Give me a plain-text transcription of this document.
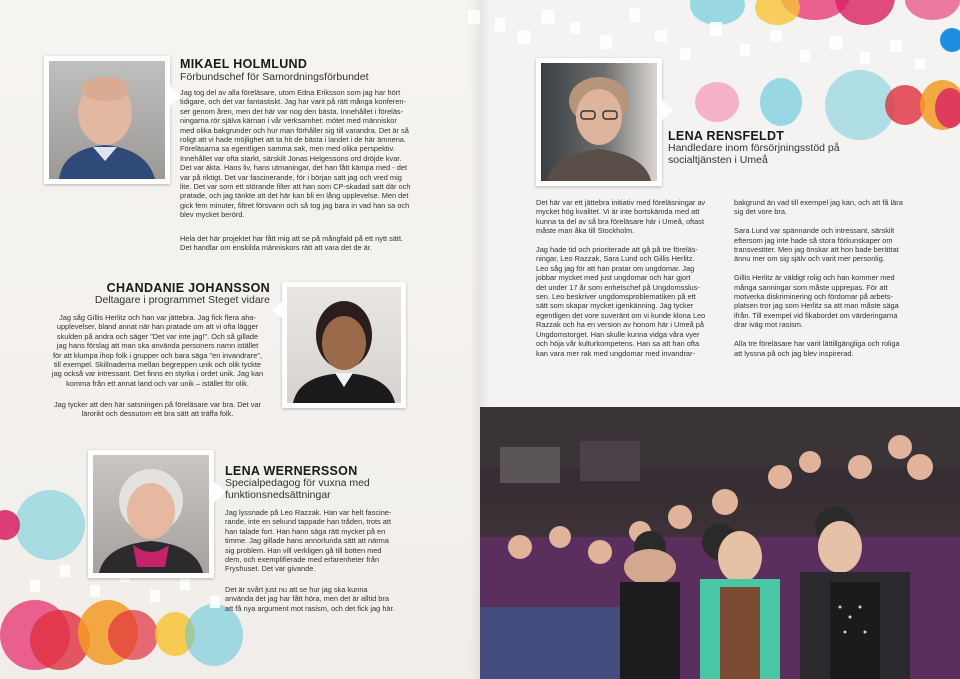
MIKAEL HOLMLUND
Förbundschef för Samordningsförbundet
Jag tog del av alla föreläsare, utom Edna Eriksson som jag har hört
tidigare, och det var fantastiskt. Jag har varit på rätt många konferen-
ser genom åren, men det här var nog den bästa. Innehållet i föreläs-
ningarna rör själva kärnan i vår verksamhet: mötet med människor
med olika bakgrunder och hur man förhåller sig till varandra. Det är så
roligt att vi hade möjlighet att ta hit de bästa i landet i de här ämnena.
Föreläsarna sa egentligen samma sak, men med olika perspektiv.
Innehållet var ofta starkt, särskilt Jonas Helgessons ord dröjde kvar.
Det var äkta. Hans liv, hans utmaningar, det han fått kämpa med - det
var på riktigt. Det var fascinerande, för i början satt jag och vred mig
lite. Det var som ett störande filter att han som CP-skadad satt där och
pratade, och jag tänkte att det här kan bli en lång upplevelse. Men det
gick fem minuter, filtret försvann och så tog jag bara in vad han sa och
blev mycket berörd.
Hela det här projektet har fått mig att se på mångfald på ett nytt sätt.
Det handlar om enskilda människors rätt att vara det de är.
CHANDANIE JOHANSSON
Deltagare i programmet Steget vidare
Jag såg Gillis Herlitz och han var jättebra. Jag fick flera aha-
upplevelser, bland annat när han pratade om att vi ofta lägger
skulden på andra och säger "Det var inte jag!". Och så gillade
jag hans förslag att man ska använda personers namn istället
för att klumpa ihop folk i grupper och bara säga "en invandrare",
till exempel. Skillnaderna mellan begreppen unik och olik tyckte
jag också var intressant. Det finns en styrka i ordet unik. Jag kan
komma från ett annat land och var unik – istället för olik.
Jag tycker att den här satsningen på föreläsare var bra. Det var
lärorikt och dessutom ett bra sätt att träffa folk.
LENA WERNERSSON
Specialpedagog för vuxna med
funktionsnedsättningar
Jag lyssnade på Leo Razzak. Han var helt fascine-
rande, inte en sekund tappade han tråden, trots att
han talade fort. Han hann säga rätt mycket på en
timme. Jag gillade hans annorlunda sätt att närma
sig problem. Han vill verkligen gå till botten med
dem, och exemplifierade med erfarenheter från
Fryshuset. Det var givande.
Det är svårt just nu att se hur jag ska kunna
använda det jag har fått höra, men det är alltid bra
att få nya argument mot rasism, och det fick jag här.
LENA RENSFELDT
Handledare inom försörjningsstöd på
socialtjänsten i Umeå
Det här var ett jättebra initiativ med föreläsningar av
mycket hög kvalitet. Vi är inte bortskämda med att
kunna ta del av så bra föreläsare här i Umeå, oftast
måste man åka till Stockholm.

Jag hade tid och prioriterade att gå på tre föreläs-
ningar, Leo Razzak, Sara Lund och Gillis Herlitz.
Leo såg jag för att han pratar om ungdomar. Jag
jobbar mycket med just ungdomar och har gjort
det under 17 år som enhetschef på Ungdomsslus-
sen. Leo beskriver ungdomsproblematiken på ett
sätt som skapar mycket igenkänning. Jag tycker
egentligen det vore suveränt om vi kunde klona Leo
Razzak och ha en version av honom här i Umeå på
Ungdomstorget. Han skulle kunna vidga våra vyer
och höja vår kulturkompetens. Han sa att han ofta
kan vara mer rak med ungdomar med invandrar-
bakgrund än vad till exempel jag kan, och att få lära
sig det vore bra.

Sara Lund var spännande och intressant, särskilt
eftersom jag inte hade så stora förkunskaper om
transvestiter. Men jag önskar att hon bade berättat
ännu mer om sig själv och varit mer personlig.

Gillis Herlitz är väldigt rolig och han kommer med
många sanningar som måste upprepas. För att
motverka diskriminering och fördomar på arbets-
platsen tror jag som Herlitz sa att man måste säga
ifrån. Till exempel vid fikabordet om värderingarna
drar iväg mot rasism.

Alla tre föreläsare har varit lättillgängliga och roliga
att lyssna på och jag blev inspirerad.
